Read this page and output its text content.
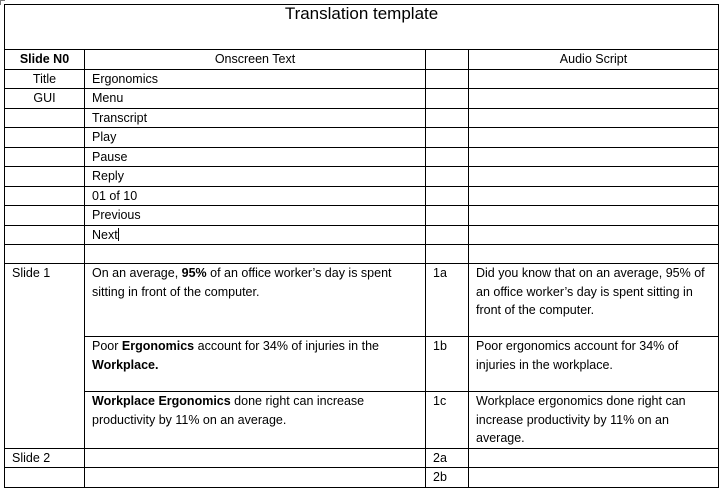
Translation template			
Slide N0	Onscreen Text		Audio Script
Title	Ergonomics		
GUI	Menu		
	Transcript		
	Play		
	Pause		
	Reply		
	01 of 10		
	Previous		
	Next		

Slide 1	On an average, 95% of an office worker’s day is spent sitting in front of the computer.	1a	Did you know that on an average, 95% of an office worker’s day is spent sitting in front of the computer.
	Poor Ergonomics account for 34% of injuries in the Workplace.	1b	Poor ergonomics account for 34% of injuries in the workplace.
	Workplace Ergonomics done right can increase productivity by 11% on an average.	1c	Workplace ergonomics done right can increase productivity by 11% on an average.
Slide 2		2a	
		2b	
